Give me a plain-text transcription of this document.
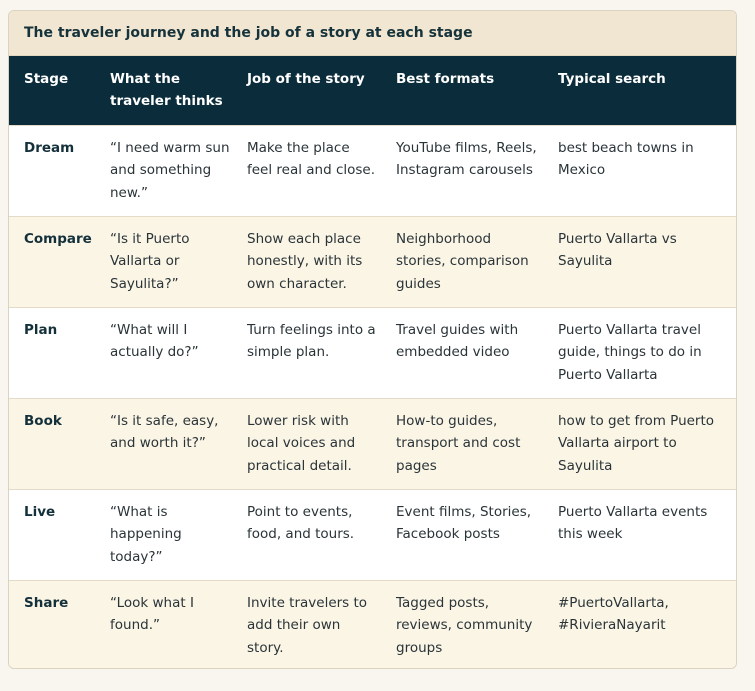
The traveler journey and the job of a story at each stage
Stage	What the traveler thinks	Job of the story	Best formats	Typical search
Dream	“I need warm sun and something new.”	Make the place feel real and close.	YouTube films, Reels, Instagram carousels	best beach towns in Mexico
Compare	“Is it Puerto Vallarta or Sayulita?”	Show each place honestly, with its own character.	Neighborhood stories, comparison guides	Puerto Vallarta vs Sayulita
Plan	“What will I actually do?”	Turn feelings into a simple plan.	Travel guides with embedded video	Puerto Vallarta travel guide, things to do in Puerto Vallarta
Book	“Is it safe, easy, and worth it?”	Lower risk with local voices and practical detail.	How-to guides, transport and cost pages	how to get from Puerto Vallarta airport to Sayulita
Live	“What is happening today?”	Point to events, food, and tours.	Event films, Stories, Facebook posts	Puerto Vallarta events this week
Share	“Look what I found.”	Invite travelers to add their own story.	Tagged posts, reviews, community groups	#PuertoVallarta, #RivieraNayarit
